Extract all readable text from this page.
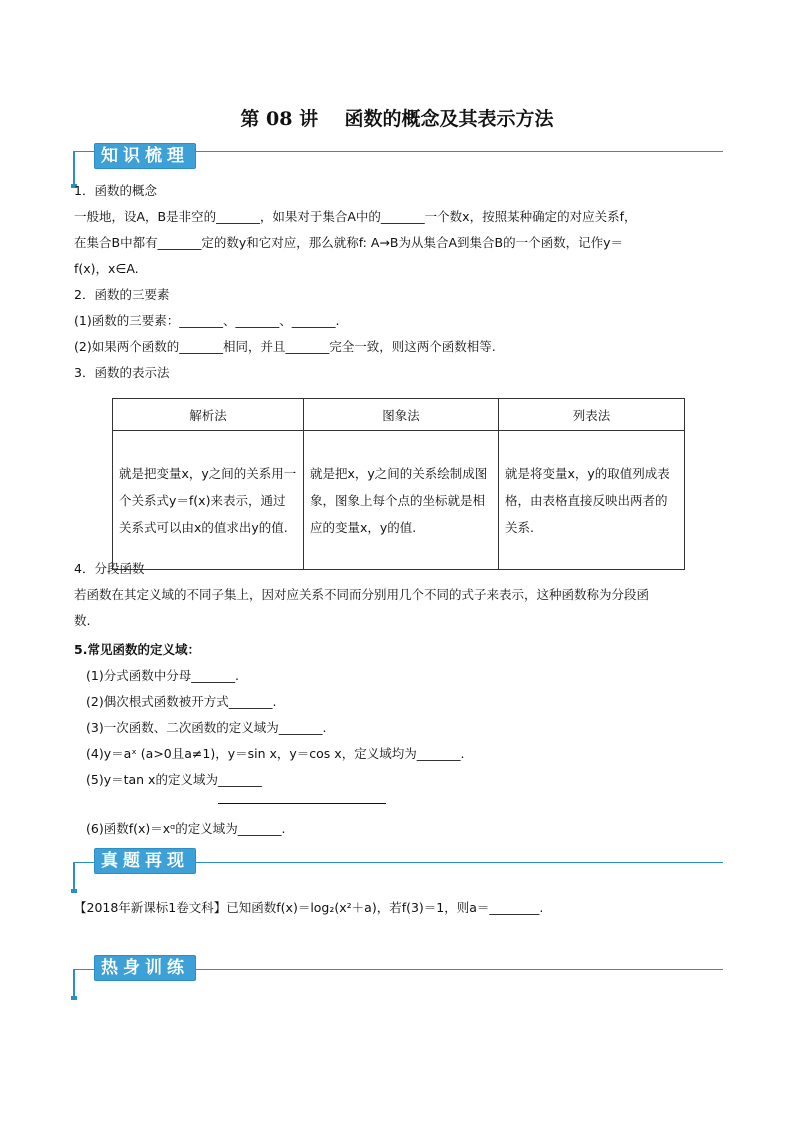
第 08 讲    函数的概念及其表示方法
知识梳理
1．函数的概念
一般地，设A，B是非空的_______，如果对于集合A中的_______一个数x，按照某种确定的对应关系f，
在集合B中都有_______定的数y和它对应，那么就称f: A→B为从集合A到集合B的一个函数，记作y＝
f(x)，x∈A.
2．函数的三要素
(1)函数的三要素：_______、_______、_______.
(2)如果两个函数的_______相同，并且_______完全一致，则这两个函数相等.
3．函数的表示法
解析法	图象法	列表法
就是把变量x，y之间的关系用一个关系式y＝f(x)来表示，通过关系式可以由x的值求出y的值.	就是把x，y之间的关系绘制成图象，图象上每个点的坐标就是相应的变量x，y的值.	就是将变量x，y的取值列成表格，由表格直接反映出两者的关系.
4．分段函数
若函数在其定义域的不同子集上，因对应关系不同而分别用几个不同的式子来表示，这种函数称为分段函
数.
5.常见函数的定义域：
(1)分式函数中分母_______.
(2)偶次根式函数被开方式_______.
(3)一次函数、二次函数的定义域为_______.
(4)y＝aˣ (a>0且a≠1)，y＝sin x，y＝cos x，定义域均为_______.
(5)y＝tan x的定义域为_______
(6)函数f(x)＝xᵅ的定义域为_______.
真题再现
【2018年新课标1卷文科】已知函数f(x)＝log₂(x²＋a)，若f(3)＝1，则a＝________.
热身训练
